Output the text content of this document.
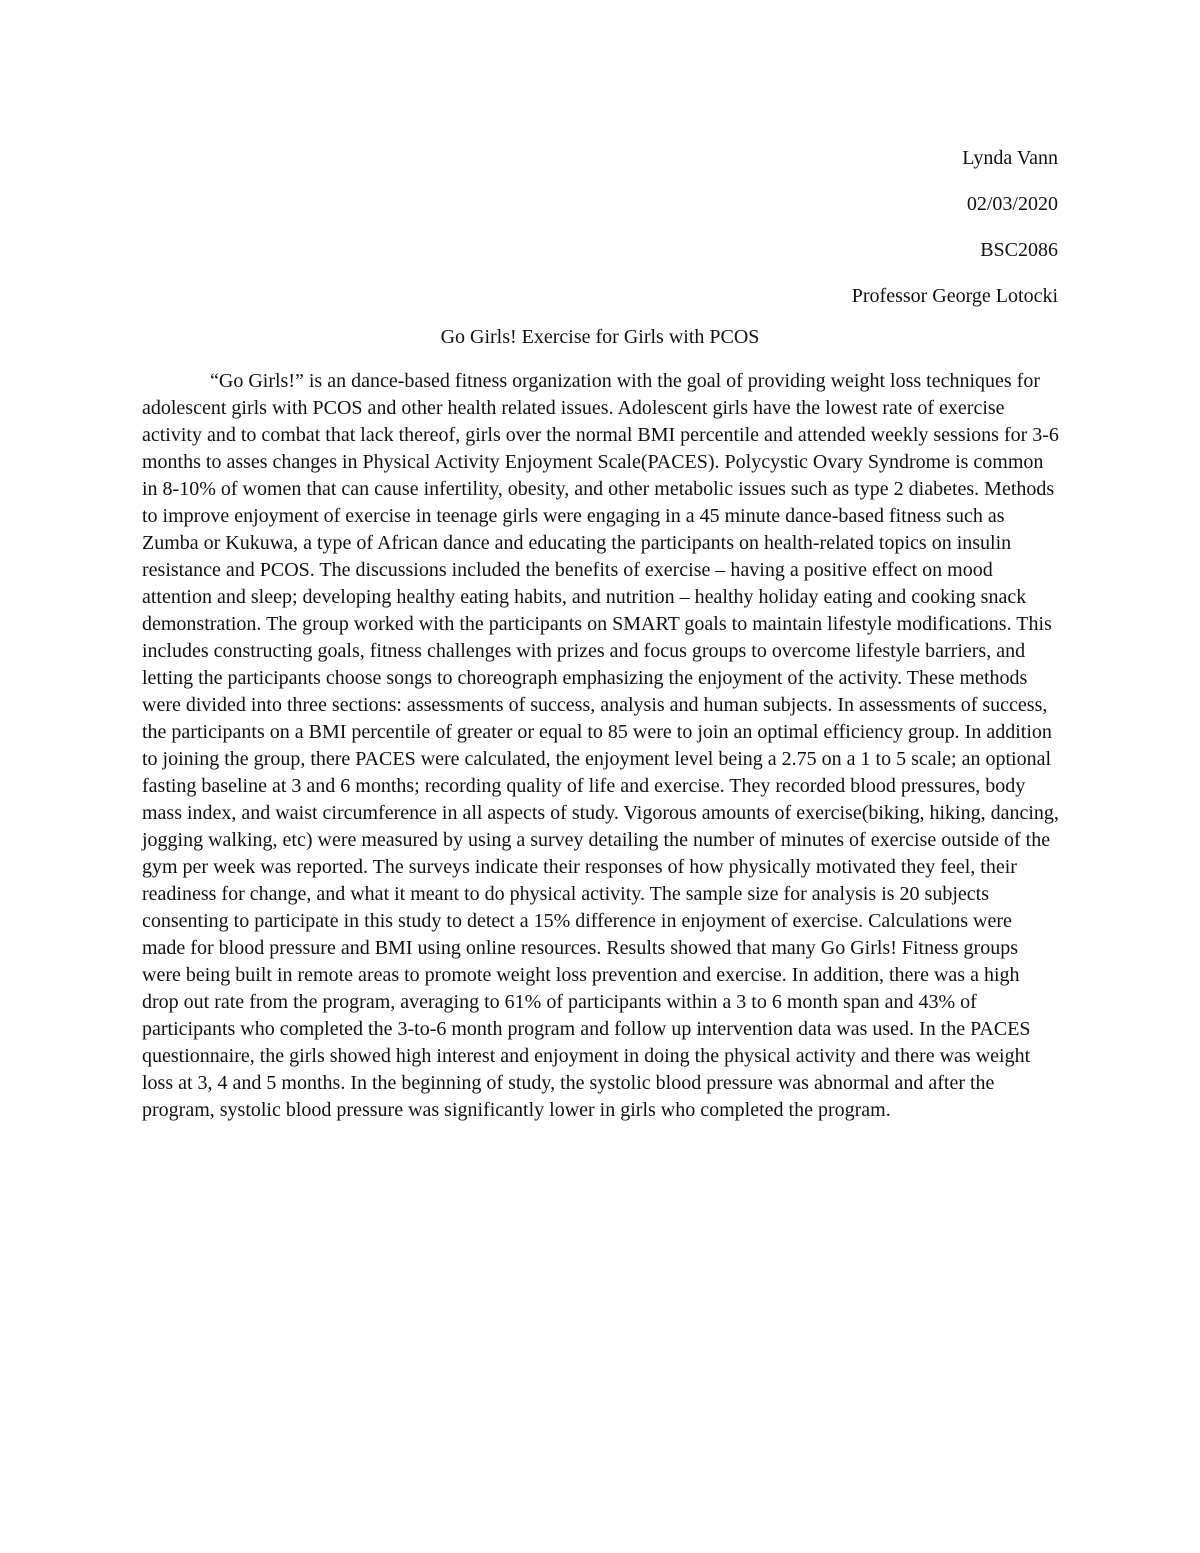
Lynda Vann
02/03/2020
BSC2086
Professor George Lotocki
Go Girls! Exercise for Girls with PCOS

“Go Girls!” is an dance-based fitness organization with the goal of providing weight loss techniques for adolescent girls with PCOS and other health related issues. Adolescent girls have the lowest rate of exercise activity and to combat that lack thereof, girls over the normal BMI percentile and attended weekly sessions for 3-6 months to asses changes in Physical Activity Enjoyment Scale(PACES). Polycystic Ovary Syndrome is common in 8-10% of women that can cause infertility, obesity, and other metabolic issues such as type 2 diabetes. Methods to improve enjoyment of exercise in teenage girls were engaging in a 45 minute dance-based fitness such as Zumba or Kukuwa, a type of African dance and educating the participants on health-related topics on insulin resistance and PCOS. The discussions included the benefits of exercise – having a positive effect on mood attention and sleep; developing healthy eating habits, and nutrition – healthy holiday eating and cooking snack demonstration. The group worked with the participants on SMART goals to maintain lifestyle modifications. This includes constructing goals, fitness challenges with prizes and focus groups to overcome lifestyle barriers, and letting the participants choose songs to choreograph emphasizing the enjoyment of the activity. These methods were divided into three sections: assessments of success, analysis and human subjects. In assessments of success, the participants on a BMI percentile of greater or equal to 85 were to join an optimal efficiency group. In addition to joining the group, there PACES were calculated, the enjoyment level being a 2.75 on a 1 to 5 scale; an optional fasting baseline at 3 and 6 months; recording quality of life and exercise. They recorded blood pressures, body mass index, and waist circumference in all aspects of study. Vigorous amounts of exercise(biking, hiking, dancing, jogging walking, etc) were measured by using a survey detailing the number of minutes of exercise outside of the gym per week was reported. The surveys indicate their responses of how physically motivated they feel, their readiness for change, and what it meant to do physical activity. The sample size for analysis is 20 subjects consenting to participate in this study to detect a 15% difference in enjoyment of exercise. Calculations were made for blood pressure and BMI using online resources. Results showed that many Go Girls! Fitness groups were being built in remote areas to promote weight loss prevention and exercise. In addition, there was a high drop out rate from the program, averaging to 61% of participants within a 3 to 6 month span and 43% of participants who completed the 3-to-6 month program and follow up intervention data was used. In the PACES questionnaire, the girls showed high interest and enjoyment in doing the physical activity and there was weight loss at 3, 4 and 5 months. In the beginning of study, the systolic blood pressure was abnormal and after the program, systolic blood pressure was significantly lower in girls who completed the program.
